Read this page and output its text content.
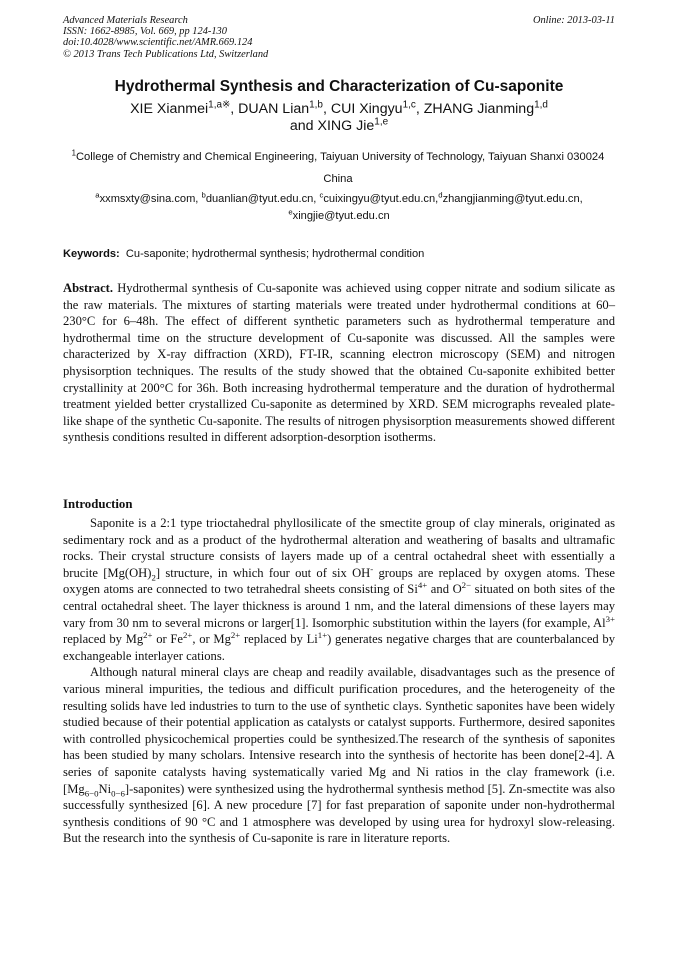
Advanced Materials Research
ISSN: 1662-8985, Vol. 669, pp 124-130
doi:10.4028/www.scientific.net/AMR.669.124
© 2013 Trans Tech Publications Ltd, Switzerland
Online: 2013-03-11
Hydrothermal Synthesis and Characterization of Cu-saponite
XIE Xianmei$^{1,a※}$, DUAN Lian$^{1,b}$, CUI Xingyu$^{1,c}$, ZHANG Jianming$^{1,d}$
and XING Jie$^{1,e}$
$^1$College of Chemistry and Chemical Engineering, Taiyuan University of Technology, Taiyuan Shanxi 030024 China
$^a$xxmsxty@sina.com, $^b$duanlian@tyut.edu.cn, $^c$cuixingyu@tyut.edu.cn,$^d$zhangjianming@tyut.edu.cn,
$^e$xingjie@tyut.edu.cn
Keywords: Cu-saponite; hydrothermal synthesis; hydrothermal condition
Abstract. Hydrothermal synthesis of Cu-saponite was achieved using copper nitrate and sodium silicate as the raw materials. The mixtures of starting materials were treated under hydrothermal conditions at 60–230°C for 6–48h. The effect of different synthetic parameters such as hydrothermal temperature and hydrothermal time on the structure development of Cu-saponite was discussed. All the samples were characterized by X-ray diffraction (XRD), FT-IR, scanning electron microscopy (SEM) and nitrogen physisorption techniques. The results of the study showed that the obtained Cu-saponite exhibited better crystallinity at 200°C for 36h. Both increasing hydrothermal temperature and the duration of hydrothermal treatment yielded better crystallized Cu-saponite as determined by XRD. SEM micrographs revealed plate-like shape of the synthetic Cu-saponite. The results of nitrogen physisorption measurements showed different synthesis conditions resulted in different adsorption-desorption isotherms.
Introduction

Saponite is a 2:1 type trioctahedral phyllosilicate of the smectite group of clay minerals, originated as sedimentary rock and as a product of the hydrothermal alteration and weathering of basalts and ultramafic rocks. Their crystal structure consists of layers made up of a central octahedral sheet with essentially a brucite $[Mg(OH)_2]$ structure, in which four out of six OH- groups are replaced by oxygen atoms. These oxygen atoms are connected to two tetrahedral sheets consisting of $Si^{4+}$ and $O^{2-}$ situated on both sites of the central octahedral sheet. The layer thickness is around 1 nm, and the lateral dimensions of these layers may vary from 30 nm to several microns or larger[1]. Isomorphic substitution within the layers (for example, $Al^{3+}$ replaced by $Mg^{2+}$ or $Fe^{2+}$, or $Mg^{2+}$ replaced by $Li^{1+}$) generates negative charges that are counterbalanced by exchangeable interlayer cations.

Although natural mineral clays are cheap and readily available, disadvantages such as the presence of various mineral impurities, the tedious and difficult purification procedures, and the heterogeneity of the resulting solids have led industries to turn to the use of synthetic clays. Synthetic saponites have been widely studied because of their potential application as catalysts or catalyst supports. Furthermore, desired saponites with controlled physicochemical properties could be synthesized.The research of the synthesis of saponites has been studied by many scholars. Intensive research into the synthesis of hectorite has been done[2-4]. A series of saponite catalysts having systematically varied Mg and Ni ratios in the clay framework (i.e. $[Mg_{6-0}Ni_{0-6}]-saponites$) were synthesized using the hydrothermal synthesis method [5]. Zn-smectite was also successfully synthesized [6]. A new procedure [7] for fast preparation of saponite under non-hydrothermal synthesis conditions of 90 °C and 1 atmosphere was developed by using urea for hydroxyl slow-releasing. But the research into the synthesis of Cu-saponite is rare in literature reports.
